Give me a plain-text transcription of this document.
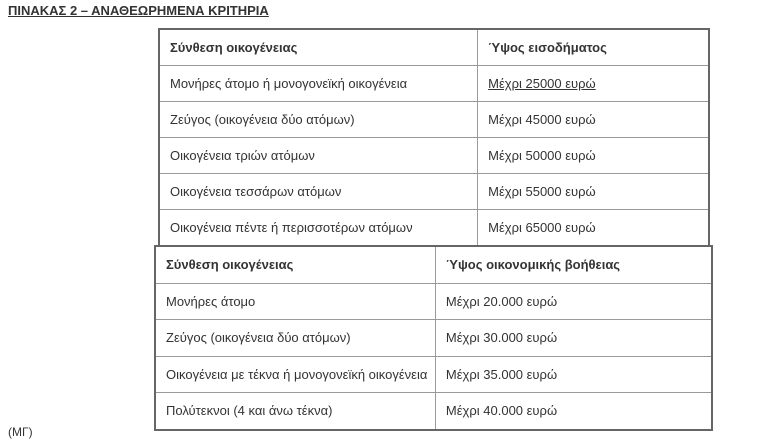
ΠΙΝΑΚΑΣ 2 – ΑΝΑΘΕΩΡΗΜΕΝΑ ΚΡΙΤΗΡΙΑ
Σύνθεση οικογένειας	Ύψος εισοδήματος
Μονήρες άτομο ή μονογονεϊκή οικογένεια	Μέχρι 25000 ευρώ
Ζεύγος (οικογένεια δύο ατόμων)	Μέχρι 45000 ευρώ
Οικογένεια τριών ατόμων	Μέχρι 50000 ευρώ
Οικογένεια τεσσάρων ατόμων	Μέχρι 55000 ευρώ
Οικογένεια πέντε ή περισσοτέρων ατόμων	Μέχρι 65000 ευρώ
Σύνθεση οικογένειας	Ύψος οικονομικής βοήθειας
Μονήρες άτομο	Μέχρι 20.000 ευρώ
Ζεύγος (οικογένεια δύο ατόμων)	Μέχρι 30.000 ευρώ
Οικογένεια με τέκνα ή μονογονεϊκή οικογένεια	Μέχρι 35.000 ευρώ
Πολύτεκνοι (4 και άνω τέκνα)	Μέχρι 40.000 ευρώ
(ΜΓ)
